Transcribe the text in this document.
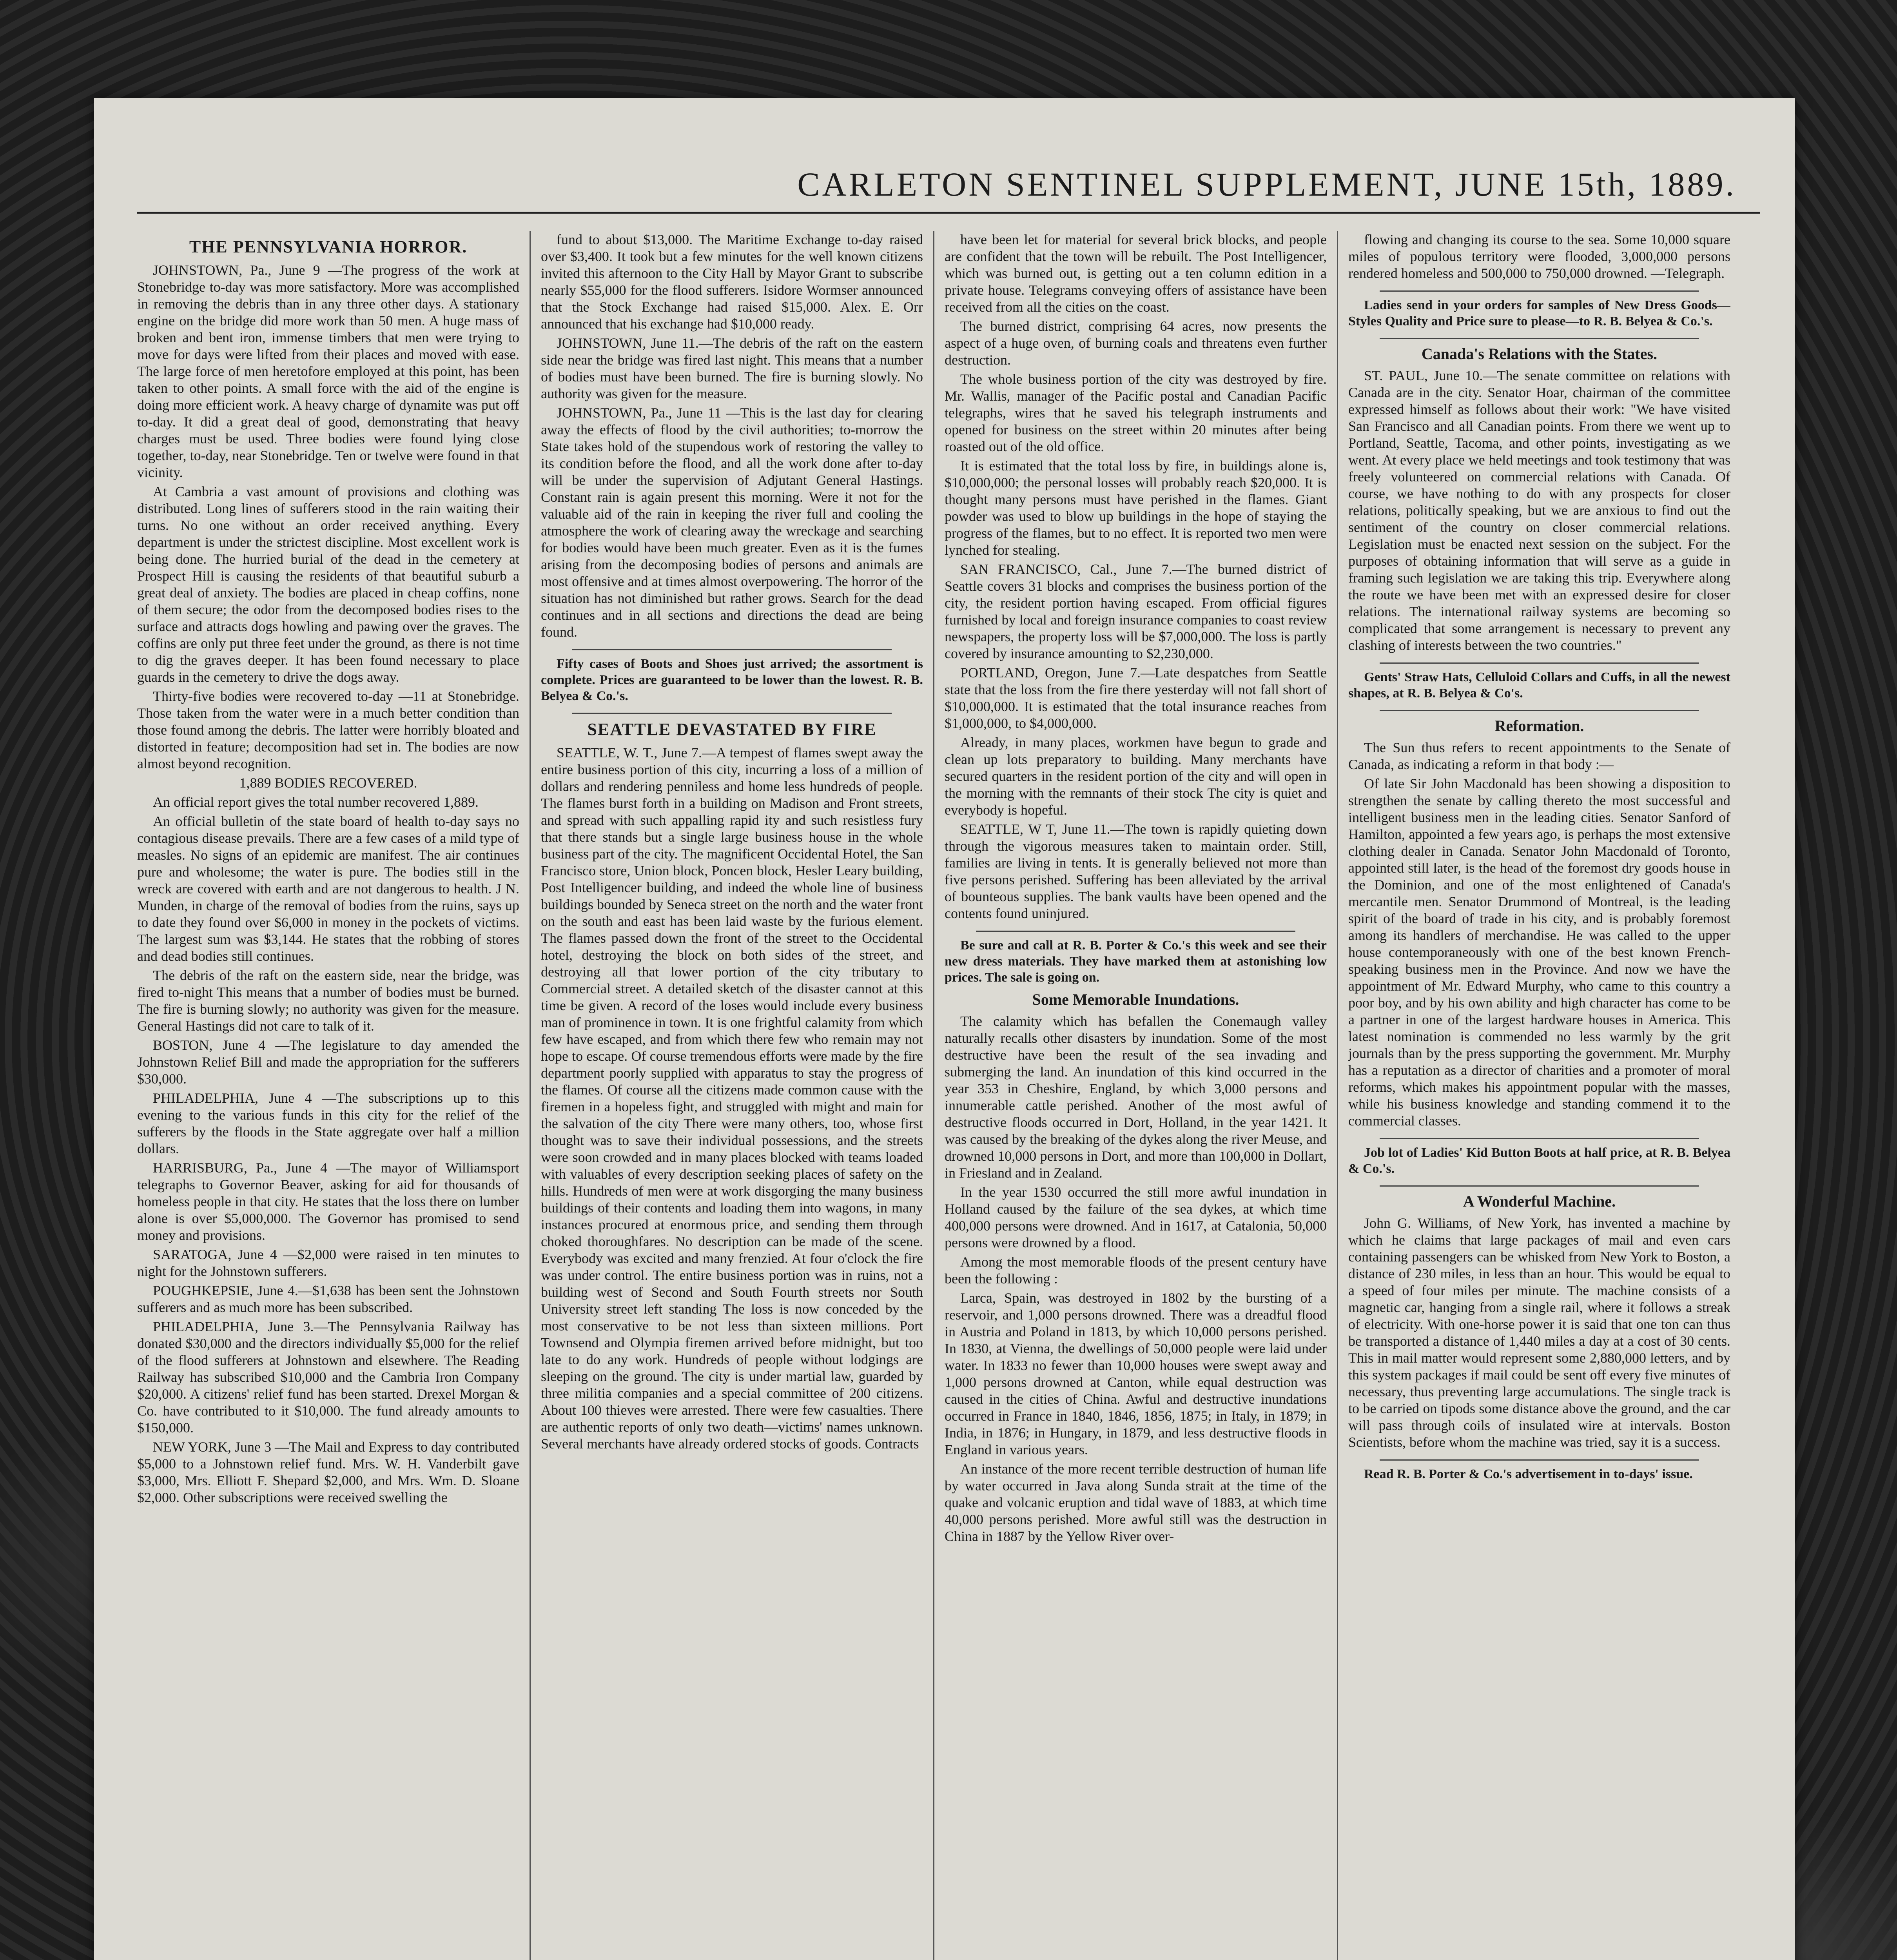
CARLETON SENTINEL SUPPLEMENT, JUNE 15th, 1889.
THE PENNSYLVANIA HORROR.

JOHNSTOWN, Pa., June 9 —The progress of the work at Stonebridge to-day was more satisfactory. More was accomplished in removing the debris than in any three other days. A stationary engine on the bridge did more work than 50 men. A huge mass of broken and bent iron, immense timbers that men were trying to move for days were lifted from their places and moved with ease. The large force of men heretofore employed at this point, has been taken to other points. A small force with the aid of the engine is doing more efficient work. A heavy charge of dynamite was put off to-day. It did a great deal of good, demonstrating that heavy charges must be used. Three bodies were found lying close together, to-day, near Stonebridge. Ten or twelve were found in that vicinity.

At Cambria a vast amount of provisions and clothing was distributed. Long lines of sufferers stood in the rain waiting their turns. No one without an order received anything. Every department is under the strictest discipline. Most excellent work is being done. The hurried burial of the dead in the cemetery at Prospect Hill is causing the residents of that beautiful suburb a great deal of anxiety. The bodies are placed in cheap coffins, none of them secure; the odor from the decomposed bodies rises to the surface and attracts dogs howling and pawing over the graves. The coffins are only put three feet under the ground, as there is not time to dig the graves deeper. It has been found necessary to place guards in the cemetery to drive the dogs away.

Thirty-five bodies were recovered to-day —11 at Stonebridge. Those taken from the water were in a much better condition than those found among the debris. The latter were horribly bloated and distorted in feature; decomposition had set in. The bodies are now almost beyond recognition.

1,889 BODIES RECOVERED.

An official report gives the total number recovered 1,889.

An official bulletin of the state board of health to-day says no contagious disease prevails. There are a few cases of a mild type of measles. No signs of an epidemic are manifest. The air continues pure and wholesome; the water is pure. The bodies still in the wreck are covered with earth and are not dangerous to health. J N. Munden, in charge of the removal of bodies from the ruins, says up to date they found over $6,000 in money in the pockets of victims. The largest sum was $3,144. He states that the robbing of stores and dead bodies still continues.

The debris of the raft on the eastern side, near the bridge, was fired to-night This means that a number of bodies must be burned. The fire is burning slowly; no authority was given for the measure. General Hastings did not care to talk of it.

BOSTON, June 4 —The legislature to day amended the Johnstown Relief Bill and made the appropriation for the sufferers $30,000.

PHILADELPHIA, June 4 —The subscriptions up to this evening to the various funds in this city for the relief of the sufferers by the floods in the State aggregate over half a million dollars.

HARRISBURG, Pa., June 4 —The mayor of Williamsport telegraphs to Governor Beaver, asking for aid for thousands of homeless people in that city. He states that the loss there on lumber alone is over $5,000,000. The Governor has promised to send money and provisions.

SARATOGA, June 4 —$2,000 were raised in ten minutes to night for the Johnstown sufferers.

POUGHKEPSIE, June 4.—$1,638 has been sent the Johnstown sufferers and as much more has been subscribed.

PHILADELPHIA, June 3.—The Pennsylvania Railway has donated $30,000 and the directors individually $5,000 for the relief of the flood sufferers at Johnstown and elsewhere. The Reading Railway has subscribed $10,000 and the Cambria Iron Company $20,000. A citizens' relief fund has been started. Drexel Morgan & Co. have contributed to it $10,000. The fund already amounts to $150,000.

NEW YORK, June 3 —The Mail and Express to day contributed $5,000 to a Johnstown relief fund. Mrs. W. H. Vanderbilt gave $3,000, Mrs. Elliott F. Shepard $2,000, and Mrs. Wm. D. Sloane $2,000. Other subscriptions were received swelling the

fund to about $13,000. The Maritime Exchange to-day raised over $3,400. It took but a few minutes for the well known citizens invited this afternoon to the City Hall by Mayor Grant to subscribe nearly $55,000 for the flood sufferers. Isidore Wormser announced that the Stock Exchange had raised $15,000. Alex. E. Orr announced that his exchange had $10,000 ready.

JOHNSTOWN, June 11.—The debris of the raft on the eastern side near the bridge was fired last night. This means that a number of bodies must have been burned. The fire is burning slowly. No authority was given for the measure.

JOHNSTOWN, Pa., June 11 —This is the last day for clearing away the effects of flood by the civil authorities; to-morrow the State takes hold of the stupendous work of restoring the valley to its condition before the flood, and all the work done after to-day will be under the supervision of Adjutant General Hastings. Constant rain is again present this morning. Were it not for the valuable aid of the rain in keeping the river full and cooling the atmosphere the work of clearing away the wreckage and searching for bodies would have been much greater. Even as it is the fumes arising from the decomposing bodies of persons and animals are most offensive and at times almost overpowering. The horror of the situation has not diminished but rather grows. Search for the dead continues and in all sections and directions the dead are being found.

Fifty cases of Boots and Shoes just arrived; the assortment is complete. Prices are guaranteed to be lower than the lowest. R. B. Belyea & Co.'s.

SEATTLE DEVASTATED BY FIRE

SEATTLE, W. T., June 7.—A tempest of flames swept away the entire business portion of this city, incurring a loss of a million of dollars and rendering penniless and home less hundreds of people. The flames burst forth in a building on Madison and Front streets, and spread with such appalling rapid ity and such resistless fury that there stands but a single large business house in the whole business part of the city. The magnificent Occidental Hotel, the San Francisco store, Union block, Poncen block, Hesler Leary building, Post Intelligencer building, and indeed the whole line of business buildings bounded by Seneca street on the north and the water front on the south and east has been laid waste by the furious element. The flames passed down the front of the street to the Occidental hotel, destroying the block on both sides of the street, and destroying all that lower portion of the city tributary to Commercial street. A detailed sketch of the disaster cannot at this time be given. A record of the loses would include every business man of prominence in town. It is one frightful calamity from which few have escaped, and from which there few who remain may not hope to escape. Of course tremendous efforts were made by the fire department poorly supplied with apparatus to stay the progress of the flames. Of course all the citizens made common cause with the firemen in a hopeless fight, and struggled with might and main for the salvation of the city There were many others, too, whose first thought was to save their individual possessions, and the streets were soon crowded and in many places blocked with teams loaded with valuables of every description seeking places of safety on the hills. Hundreds of men were at work disgorging the many business buildings of their contents and loading them into wagons, in many instances procured at enormous price, and sending them through choked thoroughfares. No description can be made of the scene. Everybody was excited and many frenzied. At four o'clock the fire was under control. The entire business portion was in ruins, not a building west of Second and South Fourth streets nor South University street left standing The loss is now conceded by the most conservative to be not less than sixteen millions. Port Townsend and Olympia firemen arrived before midnight, but too late to do any work. Hundreds of people without lodgings are sleeping on the ground. The city is under martial law, guarded by three militia companies and a special committee of 200 citizens. About 100 thieves were arrested. There were few casualties. There are authentic reports of only two death—victims' names unknown. Several merchants have already ordered stocks of goods. Contracts

have been let for material for several brick blocks, and people are confident that the town will be rebuilt. The Post Intelligencer, which was burned out, is getting out a ten column edition in a private house. Telegrams conveying offers of assistance have been received from all the cities on the coast.

The burned district, comprising 64 acres, now presents the aspect of a huge oven, of burning coals and threatens even further destruction.

The whole business portion of the city was destroyed by fire. Mr. Wallis, manager of the Pacific postal and Canadian Pacific telegraphs, wires that he saved his telegraph instruments and opened for business on the street within 20 minutes after being roasted out of the old office.

It is estimated that the total loss by fire, in buildings alone is, $10,000,000; the personal losses will probably reach $20,000. It is thought many persons must have perished in the flames. Giant powder was used to blow up buildings in the hope of staying the progress of the flames, but to no effect. It is reported two men were lynched for stealing.

SAN FRANCISCO, Cal., June 7.—The burned district of Seattle covers 31 blocks and comprises the business portion of the city, the resident portion having escaped. From official figures furnished by local and foreign insurance companies to coast review newspapers, the property loss will be $7,000,000. The loss is partly covered by insurance amounting to $2,230,000.

PORTLAND, Oregon, June 7.—Late despatches from Seattle state that the loss from the fire there yesterday will not fall short of $10,000,000. It is estimated that the total insurance reaches from $1,000,000, to $4,000,000.

Already, in many places, workmen have begun to grade and clean up lots preparatory to building. Many merchants have secured quarters in the resident portion of the city and will open in the morning with the remnants of their stock The city is quiet and everybody is hopeful.

SEATTLE, W T, June 11.—The town is rapidly quieting down through the vigorous measures taken to maintain order. Still, families are living in tents. It is generally believed not more than five persons perished. Suffering has been alleviated by the arrival of bounteous supplies. The bank vaults have been opened and the contents found uninjured.

Be sure and call at R. B. Porter & Co.'s this week and see their new dress materials. They have marked them at astonishing low prices. The sale is going on.

Some Memorable Inundations.

The calamity which has befallen the Conemaugh valley naturally recalls other disasters by inundation. Some of the most destructive have been the result of the sea invading and submerging the land. An inundation of this kind occurred in the year 353 in Cheshire, England, by which 3,000 persons and innumerable cattle perished. Another of the most awful of destructive floods occurred in Dort, Holland, in the year 1421. It was caused by the breaking of the dykes along the river Meuse, and drowned 10,000 persons in Dort, and more than 100,000 in Dollart, in Friesland and in Zealand.

In the year 1530 occurred the still more awful inundation in Holland caused by the failure of the sea dykes, at which time 400,000 persons were drowned. And in 1617, at Catalonia, 50,000 persons were drowned by a flood.

Among the most memorable floods of the present century have been the following :

Larca, Spain, was destroyed in 1802 by the bursting of a reservoir, and 1,000 persons drowned. There was a dreadful flood in Austria and Poland in 1813, by which 10,000 persons perished. In 1830, at Vienna, the dwellings of 50,000 people were laid under water. In 1833 no fewer than 10,000 houses were swept away and 1,000 persons drowned at Canton, while equal destruction was caused in the cities of China. Awful and destructive inundations occurred in France in 1840, 1846, 1856, 1875; in Italy, in 1879; in India, in 1876; in Hungary, in 1879, and less destructive floods in England in various years.

An instance of the more recent terrible destruction of human life by water occurred in Java along Sunda strait at the time of the quake and volcanic eruption and tidal wave of 1883, at which time 40,000 persons perished. More awful still was the destruction in China in 1887 by the Yellow River over-

flowing and changing its course to the sea. Some 10,000 square miles of populous territory were flooded, 3,000,000 persons rendered homeless and 500,000 to 750,000 drowned. —Telegraph.

Ladies send in your orders for samples of New Dress Goods—Styles Quality and Price sure to please—to R. B. Belyea & Co.'s.

Canada's Relations with the States.

ST. PAUL, June 10.—The senate committee on relations with Canada are in the city. Senator Hoar, chairman of the committee expressed himself as follows about their work: "We have visited San Francisco and all Canadian points. From there we went up to Portland, Seattle, Tacoma, and other points, investigating as we went. At every place we held meetings and took testimony that was freely volunteered on commercial relations with Canada. Of course, we have nothing to do with any prospects for closer relations, politically speaking, but we are anxious to find out the sentiment of the country on closer commercial relations. Legislation must be enacted next session on the subject. For the purposes of obtaining information that will serve as a guide in framing such legislation we are taking this trip. Everywhere along the route we have been met with an expressed desire for closer relations. The international railway systems are becoming so complicated that some arrangement is necessary to prevent any clashing of interests between the two countries."

Gents' Straw Hats, Celluloid Collars and Cuffs, in all the newest shapes, at R. B. Belyea & Co's.

Reformation.

The Sun thus refers to recent appointments to the Senate of Canada, as indicating a reform in that body :—

Of late Sir John Macdonald has been showing a disposition to strengthen the senate by calling thereto the most successful and intelligent business men in the leading cities. Senator Sanford of Hamilton, appointed a few years ago, is perhaps the most extensive clothing dealer in Canada. Senator John Macdonald of Toronto, appointed still later, is the head of the foremost dry goods house in the Dominion, and one of the most enlightened of Canada's mercantile men. Senator Drummond of Montreal, is the leading spirit of the board of trade in his city, and is probably foremost among its handlers of merchandise. He was called to the upper house contemporaneously with one of the best known French-speaking business men in the Province. And now we have the appointment of Mr. Edward Murphy, who came to this country a poor boy, and by his own ability and high character has come to be a partner in one of the largest hardware houses in America. This latest nomination is commended no less warmly by the grit journals than by the press supporting the government. Mr. Murphy has a reputation as a director of charities and a promoter of moral reforms, which makes his appointment popular with the masses, while his business knowledge and standing commend it to the commercial classes.

Job lot of Ladies' Kid Button Boots at half price, at R. B. Belyea & Co.'s.

A Wonderful Machine.

John G. Williams, of New York, has invented a machine by which he claims that large packages of mail and even cars containing passengers can be whisked from New York to Boston, a distance of 230 miles, in less than an hour. This would be equal to a speed of four miles per minute. The machine consists of a magnetic car, hanging from a single rail, where it follows a streak of electricity. With one-horse power it is said that one ton can thus be transported a distance of 1,440 miles a day at a cost of 30 cents. This in mail matter would represent some 2,880,000 letters, and by this system packages if mail could be sent off every five minutes of necessary, thus preventing large accumulations. The single track is to be carried on tipods some distance above the ground, and the car will pass through coils of insulated wire at intervals. Boston Scientists, before whom the machine was tried, say it is a success.

Read R. B. Porter & Co.'s advertisement in to-days' issue.
